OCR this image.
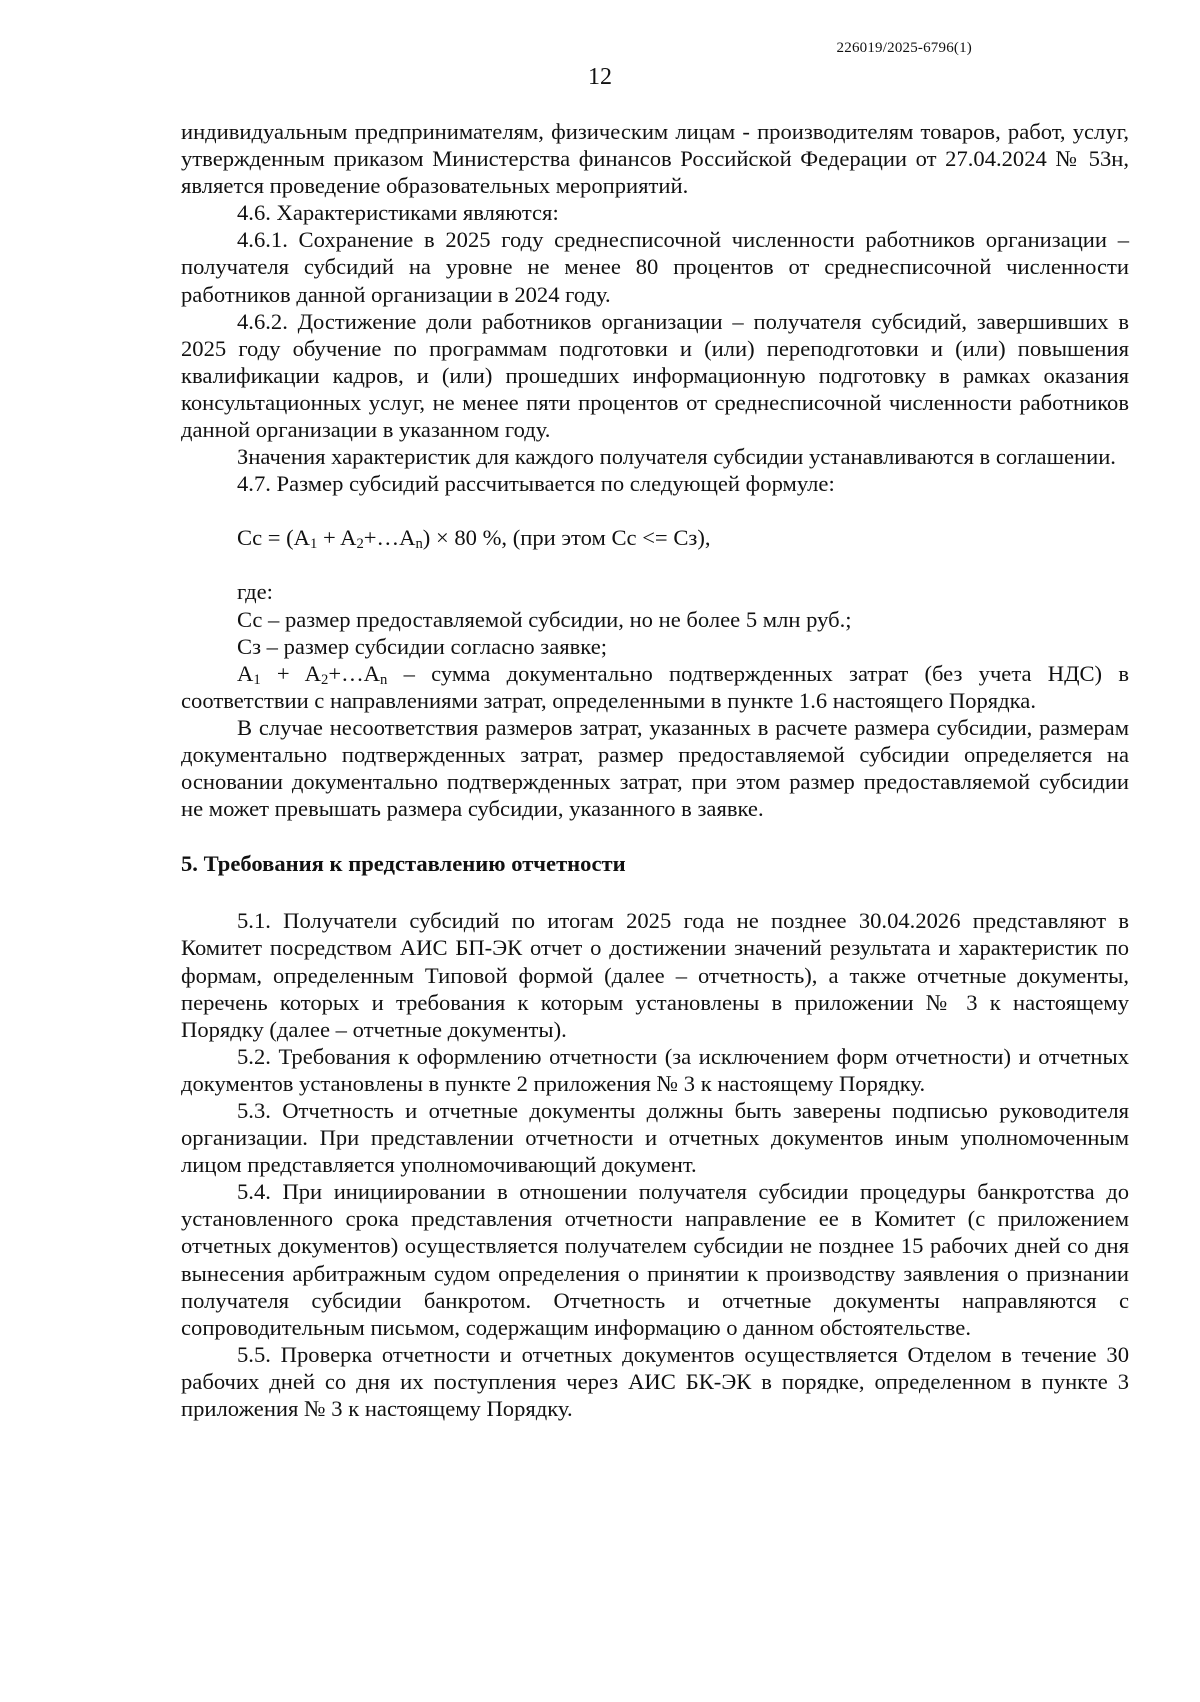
226019/2025-6796(1)
12

индивидуальным предпринимателям, физическим лицам - производителям товаров, работ, услуг, утвержденным приказом Министерства финансов Российской Федерации от 27.04.2024 № 53н, является проведение образовательных мероприятий.

4.6. Характеристиками являются:

4.6.1. Сохранение в 2025 году среднесписочной численности работников организации – получателя субсидий на уровне не менее 80 процентов от среднесписочной численности работников данной организации в 2024 году.

4.6.2. Достижение доли работников организации – получателя субсидий, завершивших в 2025 году обучение по программам подготовки и (или) переподготовки и (или) повышения квалификации кадров, и (или) прошедших информационную подготовку в рамках оказания консультационных услуг, не менее пяти процентов от среднесписочной численности работников данной организации в указанном году.

Значения характеристик для каждого получателя субсидии устанавливаются в соглашении.

4.7. Размер субсидий рассчитывается по следующей формуле:

$Cc = (A_1$ + $A_2+\dots A_n) \times 80$ %, (при этом Cc <= Сз),

где:

Сс – размер предоставляемой субсидии, но не более 5 млн руб.;

Сз – размер субсидии согласно заявке;

$A_1$ + $A_2+\dots A_n$ – сумма документально подтвержденных затрат (без учета НДС) в соответствии с направлениями затрат, определенными в пункте 1.6 настоящего Порядка.

В случае несоответствия размеров затрат, указанных в расчете размера субсидии, размерам документально подтвержденных затрат, размер предоставляемой субсидии определяется на основании документально подтвержденных затрат, при этом размер предоставляемой субсидии не может превышать размера субсидии, указанного в заявке.

5. Требования к представлению отчетности

5.1. Получатели субсидий по итогам 2025 года не позднее 30.04.2026 представляют в Комитет посредством АИС БП-ЭК отчет о достижении значений результата и характеристик по формам, определенным Типовой формой (далее – отчетность), а также отчетные документы, перечень которых и требования к которым установлены в приложении № 3 к настоящему Порядку (далее – отчетные документы).

5.2. Требования к оформлению отчетности (за исключением форм отчетности) и отчетных документов установлены в пункте 2 приложения № 3 к настоящему Порядку.

5.3. Отчетность и отчетные документы должны быть заверены подписью руководителя организации. При представлении отчетности и отчетных документов иным уполномоченным лицом представляется уполномочивающий документ.

5.4. При инициировании в отношении получателя субсидии процедуры банкротства до установленного срока представления отчетности направление ее в Комитет (с приложением отчетных документов) осуществляется получателем субсидии не позднее 15 рабочих дней со дня вынесения арбитражным судом определения о принятии к производству заявления о признании получателя субсидии банкротом. Отчетность и отчетные документы направляются с сопроводительным письмом, содержащим информацию о данном обстоятельстве.

5.5. Проверка отчетности и отчетных документов осуществляется Отделом в течение 30 рабочих дней со дня их поступления через АИС БК-ЭК в порядке, определенном в пункте 3 приложения № 3 к настоящему Порядку.
